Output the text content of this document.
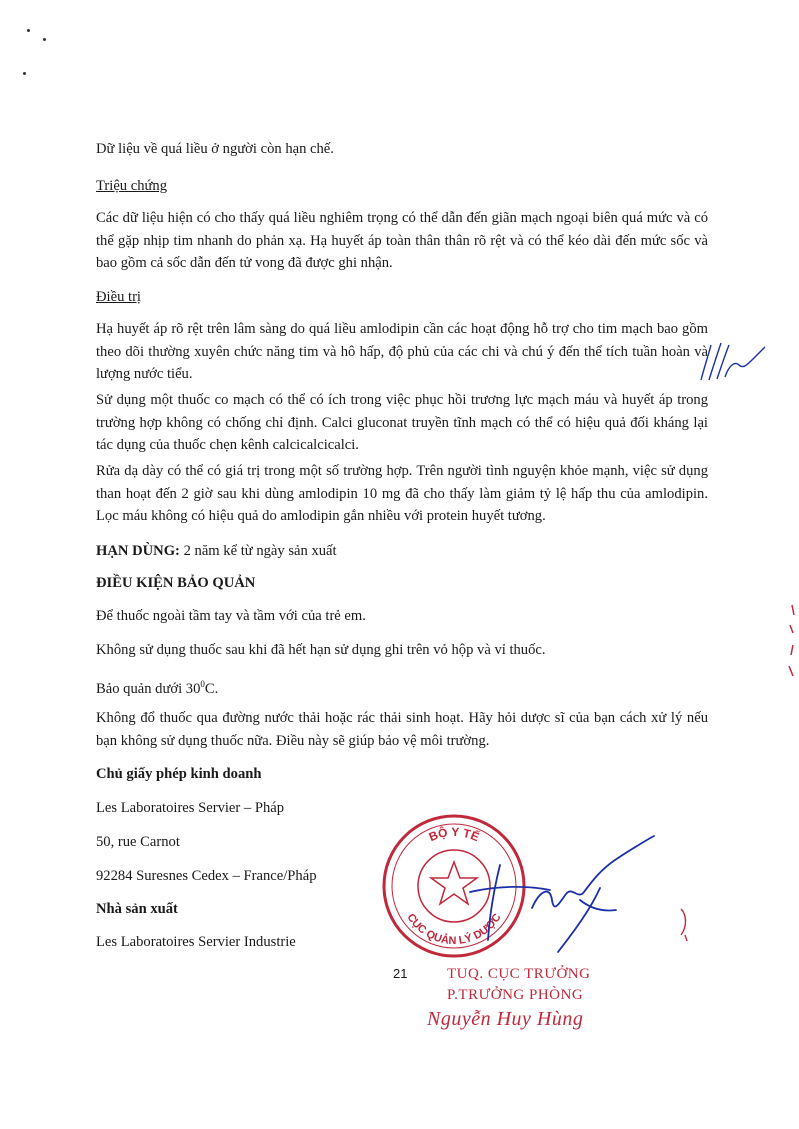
Dữ liệu về quá liều ở người còn hạn chế.

Triệu chứng

Các dữ liệu hiện có cho thấy quá liều nghiêm trọng có thể dẫn đến giãn mạch ngoại biên quá mức và có thể gặp nhịp tim nhanh do phản xạ. Hạ huyết áp toàn thân thân rõ rệt và có thể kéo dài đến mức sốc và bao gồm cả sốc dẫn đến tử vong đã được ghi nhận.

Điều trị

Hạ huyết áp rõ rệt trên lâm sàng do quá liều amlodipin cần các hoạt động hỗ trợ cho tim mạch bao gồm theo dõi thường xuyên chức năng tim và hô hấp, độ phủ của các chi và chú ý đến thể tích tuần hoàn và lượng nước tiểu.

Sử dụng một thuốc co mạch có thể có ích trong việc phục hồi trương lực mạch máu và huyết áp trong trường hợp không có chống chỉ định. Calci gluconat truyền tĩnh mạch có thể có hiệu quả đối kháng lại tác dụng của thuốc chẹn kênh calcicalcicalci.

Rửa dạ dày có thể có giá trị trong một số trường hợp. Trên người tình nguyện khỏe mạnh, việc sử dụng than hoạt đến 2 giờ sau khi dùng amlodipin 10 mg đã cho thấy làm giảm tỷ lệ hấp thu của amlodipin. Lọc máu không có hiệu quả do amlodipin gắn nhiều với protein huyết tương.

HẠN DÙNG: 2 năm kể từ ngày sản xuất

ĐIỀU KIỆN BẢO QUẢN

Để thuốc ngoài tầm tay và tầm với của trẻ em.

Không sử dụng thuốc sau khi đã hết hạn sử dụng ghi trên vỏ hộp và vỉ thuốc.

Bảo quản dưới $30^0C$.

Không đổ thuốc qua đường nước thải hoặc rác thải sinh hoạt. Hãy hỏi dược sĩ của bạn cách xử lý nếu bạn không sử dụng thuốc nữa. Điều này sẽ giúp bảo vệ môi trường.

Chủ giấy phép kinh doanh

Les Laboratoires Servier – Pháp

50, rue Carnot

92284 Suresnes Cedex – France/Pháp

Nhà sản xuất

Les Laboratoires Servier Industrie

21
BỘ Y TẾ
CỤC QUẢN LÝ DƯỢC
TUQ. CỤC TRƯỞNG
P.TRƯỞNG PHÒNG
Nguyễn Huy Hùng
